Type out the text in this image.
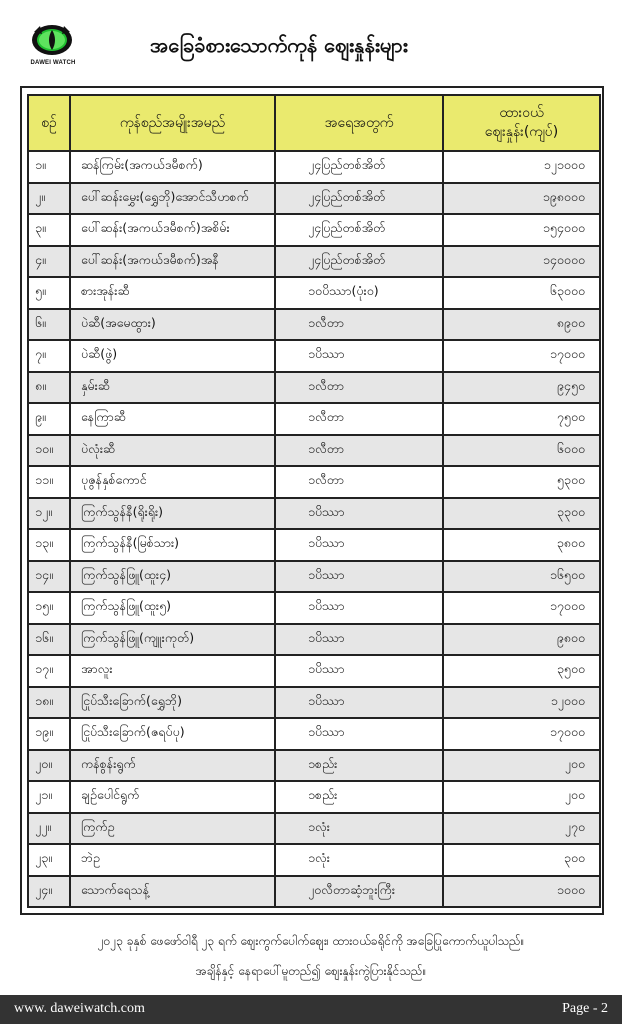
DAWEI WATCH
အခြေခံစားသောက်ကုန် ဈေးနှုန်းများ
စဉ်	ကုန်စည်အမျိုးအမည်	အရေအတွက်	ထားဝယ်
ဈေးနှုန်း(ကျပ်)
၁။	ဆန်ကြမ်း(အကယ်ဒမီစက်)	၂၄ပြည်တစ်အိတ်	၁၂၁၀၀၀
၂။	ပေါ်ဆန်းမွှေး(ရွှေဘို)အောင်သီဟစက်	၂၄ပြည်တစ်အိတ်	၁၉၈၀၀၀
၃။	ပေါ်ဆန်း(အကယ်ဒမီစက်)အစိမ်း	၂၄ပြည်တစ်အိတ်	၁၅၄၀၀၀
၄။	ပေါ်ဆန်း(အကယ်ဒမီစက်)အနီ	၂၄ပြည်တစ်အိတ်	၁၄၀၀၀၀
၅။	စားအုန်းဆီ	၁၀ပိဿာ(ပုံး၀)	၆၃၀၀၀
၆။	ပဲဆီ(အမေထွား)	၁လီတာ	၈၉၀၀
၇။	ပဲဆီ(ဖွဲ)	၁ပိဿာ	၁၇၀၀၀
၈။	နှမ်းဆီ	၁လီတာ	၉၄၅၀
၉။	နေကြာဆီ	၁လီတာ	၇၅၀၀
၁၀။	ပဲလုံးဆီ	၁လီတာ	၆၀၀၀
၁၁။	ပုဇွန်နှစ်ကောင်	၁လီတာ	၅၃၀၀
၁၂။	ကြက်သွန်နီ(ရိုးရိုး)	၁ပိဿာ	၃၃၀၀
၁၃။	ကြက်သွန်နီ(မြစ်သား)	၁ပိဿာ	၃၈၀၀
၁၄။	ကြက်သွန်ဖြူ(ထူး၄)	၁ပိဿာ	၁၆၅၀၀
၁၅။	ကြက်သွန်ဖြူ(ထူး၅)	၁ပိဿာ	၁၇၀၀၀
၁၆။	ကြက်သွန်ဖြူ(ကျူးကုတ်)	၁ပိဿာ	၉၈၀၀
၁၇။	အာလူး	၁ပိဿာ	၃၅၀၀
၁၈။	ငြုပ်သီးခြောက်(ရွှေဘို)	၁ပိဿာ	၁၂၀၀၀
၁၉။	ငြုပ်သီးခြောက်(ဇရပ်ပု)	၁ပိဿာ	၁၇၀၀၀
၂၀။	ကန်စွန်းရွက်	၁စည်း	၂၀၀
၂၁။	ချဉ်ပေါင်ရွက်	၁စည်း	၂၀၀
၂၂။	ကြက်ဥ	၁လုံး	၂၇၀
၂၃။	ဘဲဥ	၁လုံး	၃၀၀
၂၄။	သောက်ရေသန့်	၂၀လီတာဆံ့ဘူးကြီး	၁၀၀၀
၂၀၂၃ ခုနှစ် ဖေဖော်ဝါရီ ၂၃ ရက် ဈေးကွက်ပေါက်ဈေး၊ ထားဝယ်ခရိုင်ကို အခြေပြုကောက်ယူပါသည်။
အချိန်နှင့် နေရာပေါ်မူတည်၍ ဈေးနှုန်းကွဲပြားနိုင်သည်။
www. daweiwatch.com	Page - 2
